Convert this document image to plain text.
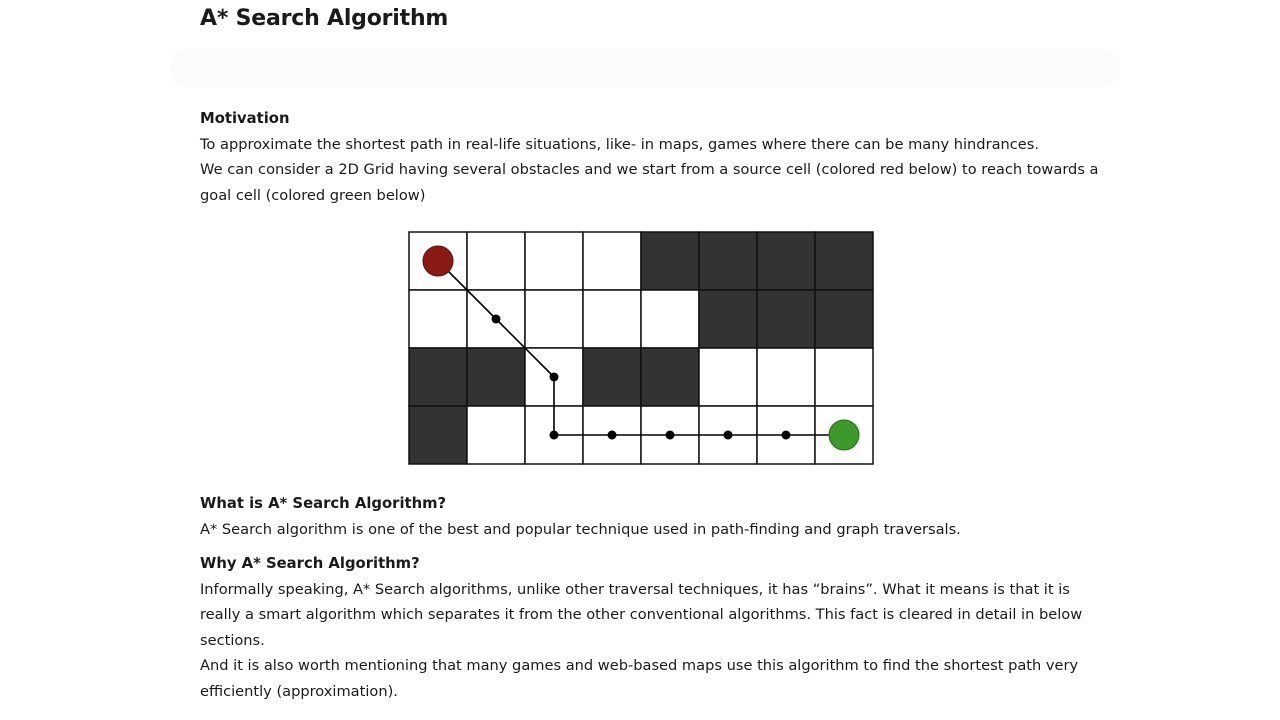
A* Search Algorithm

Motivation

To approximate the shortest path in real-life situations, like- in maps, games where there can be many hindrances.

We can consider a 2D Grid having several obstacles and we start from a source cell (colored red below) to reach towards a goal cell (colored green below)

What is A* Search Algorithm?

A* Search algorithm is one of the best and popular technique used in path-finding and graph traversals.

Why A* Search Algorithm?

Informally speaking, A* Search algorithms, unlike other traversal techniques, it has “brains”. What it means is that it is really a smart algorithm which separates it from the other conventional algorithms. This fact is cleared in detail in below sections.

And it is also worth mentioning that many games and web-based maps use this algorithm to find the shortest path very efficiently (approximation).
